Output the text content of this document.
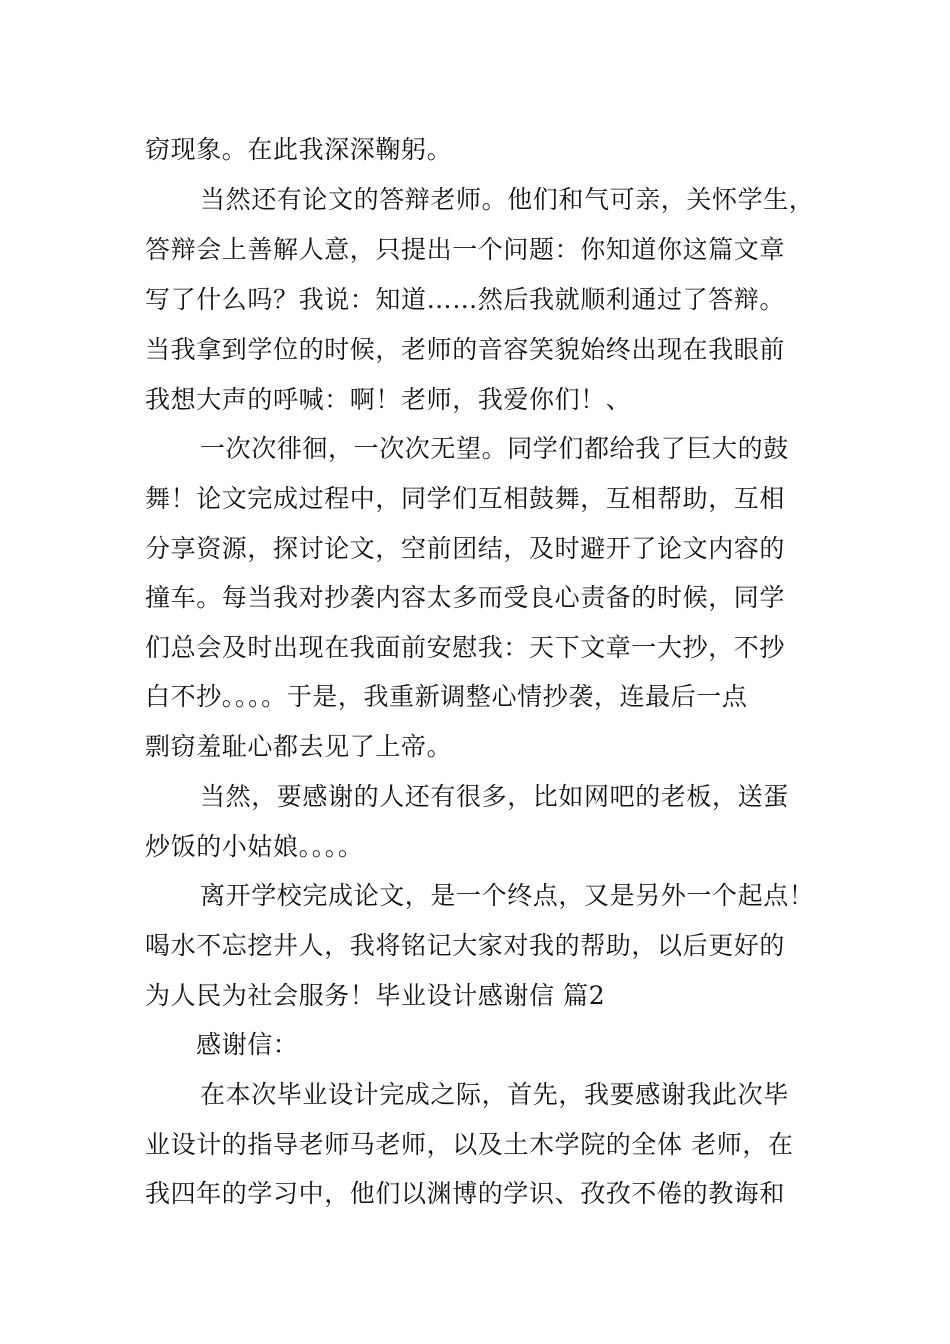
窃现象。在此我深深鞠躬。
当然还有论文的答辩老师。他们和气可亲，关怀学生，
答辩会上善解人意，只提出一个问题：你知道你这篇文章
写了什么吗？我说：知道……然后我就顺利通过了答辩。
当我拿到学位的时候，老师的音容笑貌始终出现在我眼前
我想大声的呼喊：啊！老师，我爱你们！、
一次次徘徊，一次次无望。同学们都给我了巨大的鼓
舞！论文完成过程中，同学们互相鼓舞，互相帮助，互相
分享资源，探讨论文，空前团结，及时避开了论文内容的
撞车。每当我对抄袭内容太多而受良心责备的时候，同学
们总会及时出现在我面前安慰我：天下文章一大抄，不抄
白不抄。。。。于是，我重新调整心情抄袭，连最后一点
剽窃羞耻心都去见了上帝。
当然，要感谢的人还有很多，比如网吧的老板，送蛋
炒饭的小姑娘。。。。
离开学校完成论文，是一个终点，又是另外一个起点！
喝水不忘挖井人，我将铭记大家对我的帮助，以后更好的
为人民为社会服务！毕业设计感谢信 篇2
感谢信：
在本次毕业设计完成之际，首先，我要感谢我此次毕
业设计的指导老师马老师，以及土木学院的全体 老师，在
我四年的学习中，他们以渊博的学识、孜孜不倦的教诲和
